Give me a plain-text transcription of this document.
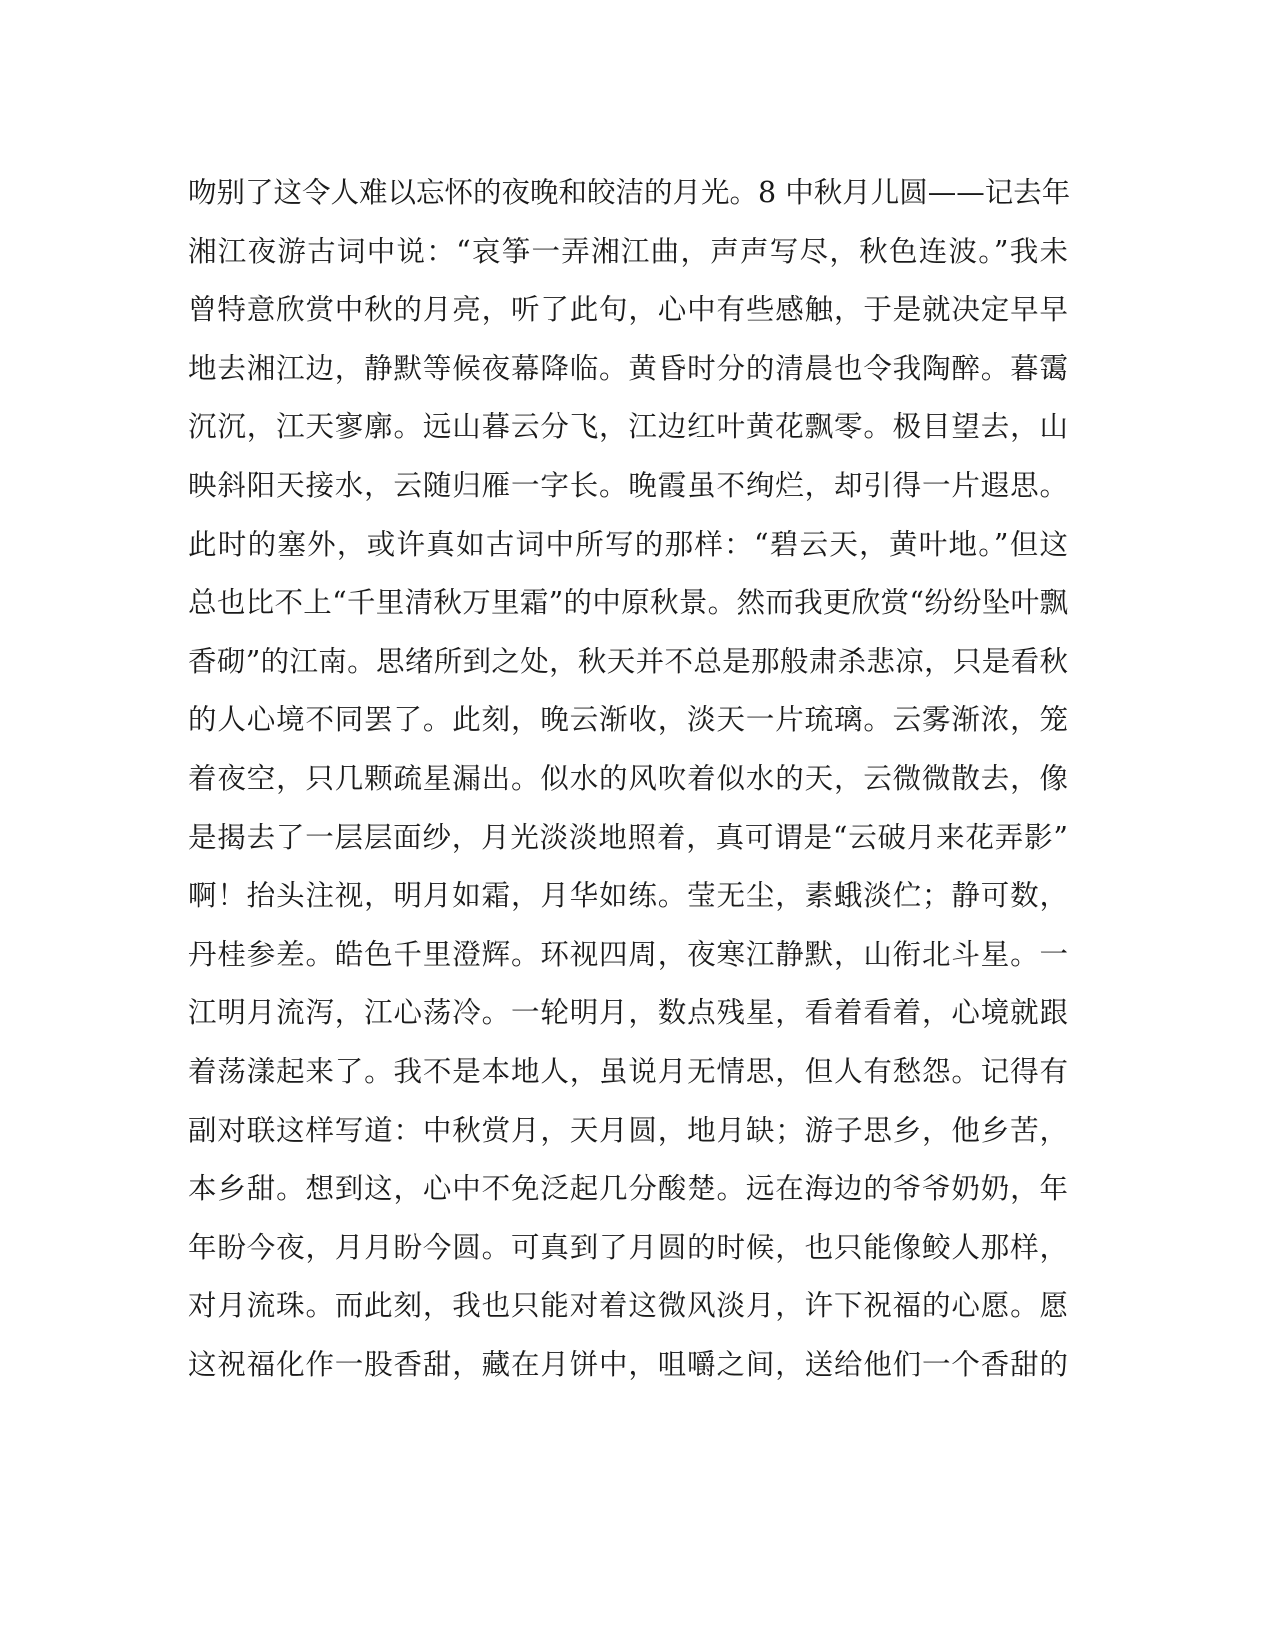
吻别了这令人难以忘怀的夜晚和皎洁的月光。8 中秋月儿圆——记去年
湘江夜游古词中说：“哀筝一弄湘江曲，声声写尽，秋色连波。”我未
曾特意欣赏中秋的月亮，听了此句，心中有些感触，于是就决定早早
地去湘江边，静默等候夜幕降临。黄昏时分的清晨也令我陶醉。暮霭
沉沉，江天寥廓。远山暮云分飞，江边红叶黄花飘零。极目望去，山
映斜阳天接水，云随归雁一字长。晚霞虽不绚烂，却引得一片遐思。
此时的塞外，或许真如古词中所写的那样：“碧云天，黄叶地。”但这
总也比不上“千里清秋万里霜”的中原秋景。然而我更欣赏“纷纷坠叶飘
香砌”的江南。思绪所到之处，秋天并不总是那般肃杀悲凉，只是看秋
的人心境不同罢了。此刻，晚云渐收，淡天一片琉璃。云雾渐浓，笼
着夜空，只几颗疏星漏出。似水的风吹着似水的天，云微微散去，像
是揭去了一层层面纱，月光淡淡地照着，真可谓是“云破月来花弄影”
啊！抬头注视，明月如霜，月华如练。莹无尘，素蛾淡伫；静可数，
丹桂参差。皓色千里澄辉。环视四周，夜寒江静默，山衔北斗星。一
江明月流泻，江心荡冷。一轮明月，数点残星，看着看着，心境就跟
着荡漾起来了。我不是本地人，虽说月无情思，但人有愁怨。记得有
副对联这样写道：中秋赏月，天月圆，地月缺；游子思乡，他乡苦，
本乡甜。想到这，心中不免泛起几分酸楚。远在海边的爷爷奶奶，年
年盼今夜，月月盼今圆。可真到了月圆的时候，也只能像鲛人那样，
对月流珠。而此刻，我也只能对着这微风淡月，许下祝福的心愿。愿
这祝福化作一股香甜，藏在月饼中，咀嚼之间，送给他们一个香甜的
